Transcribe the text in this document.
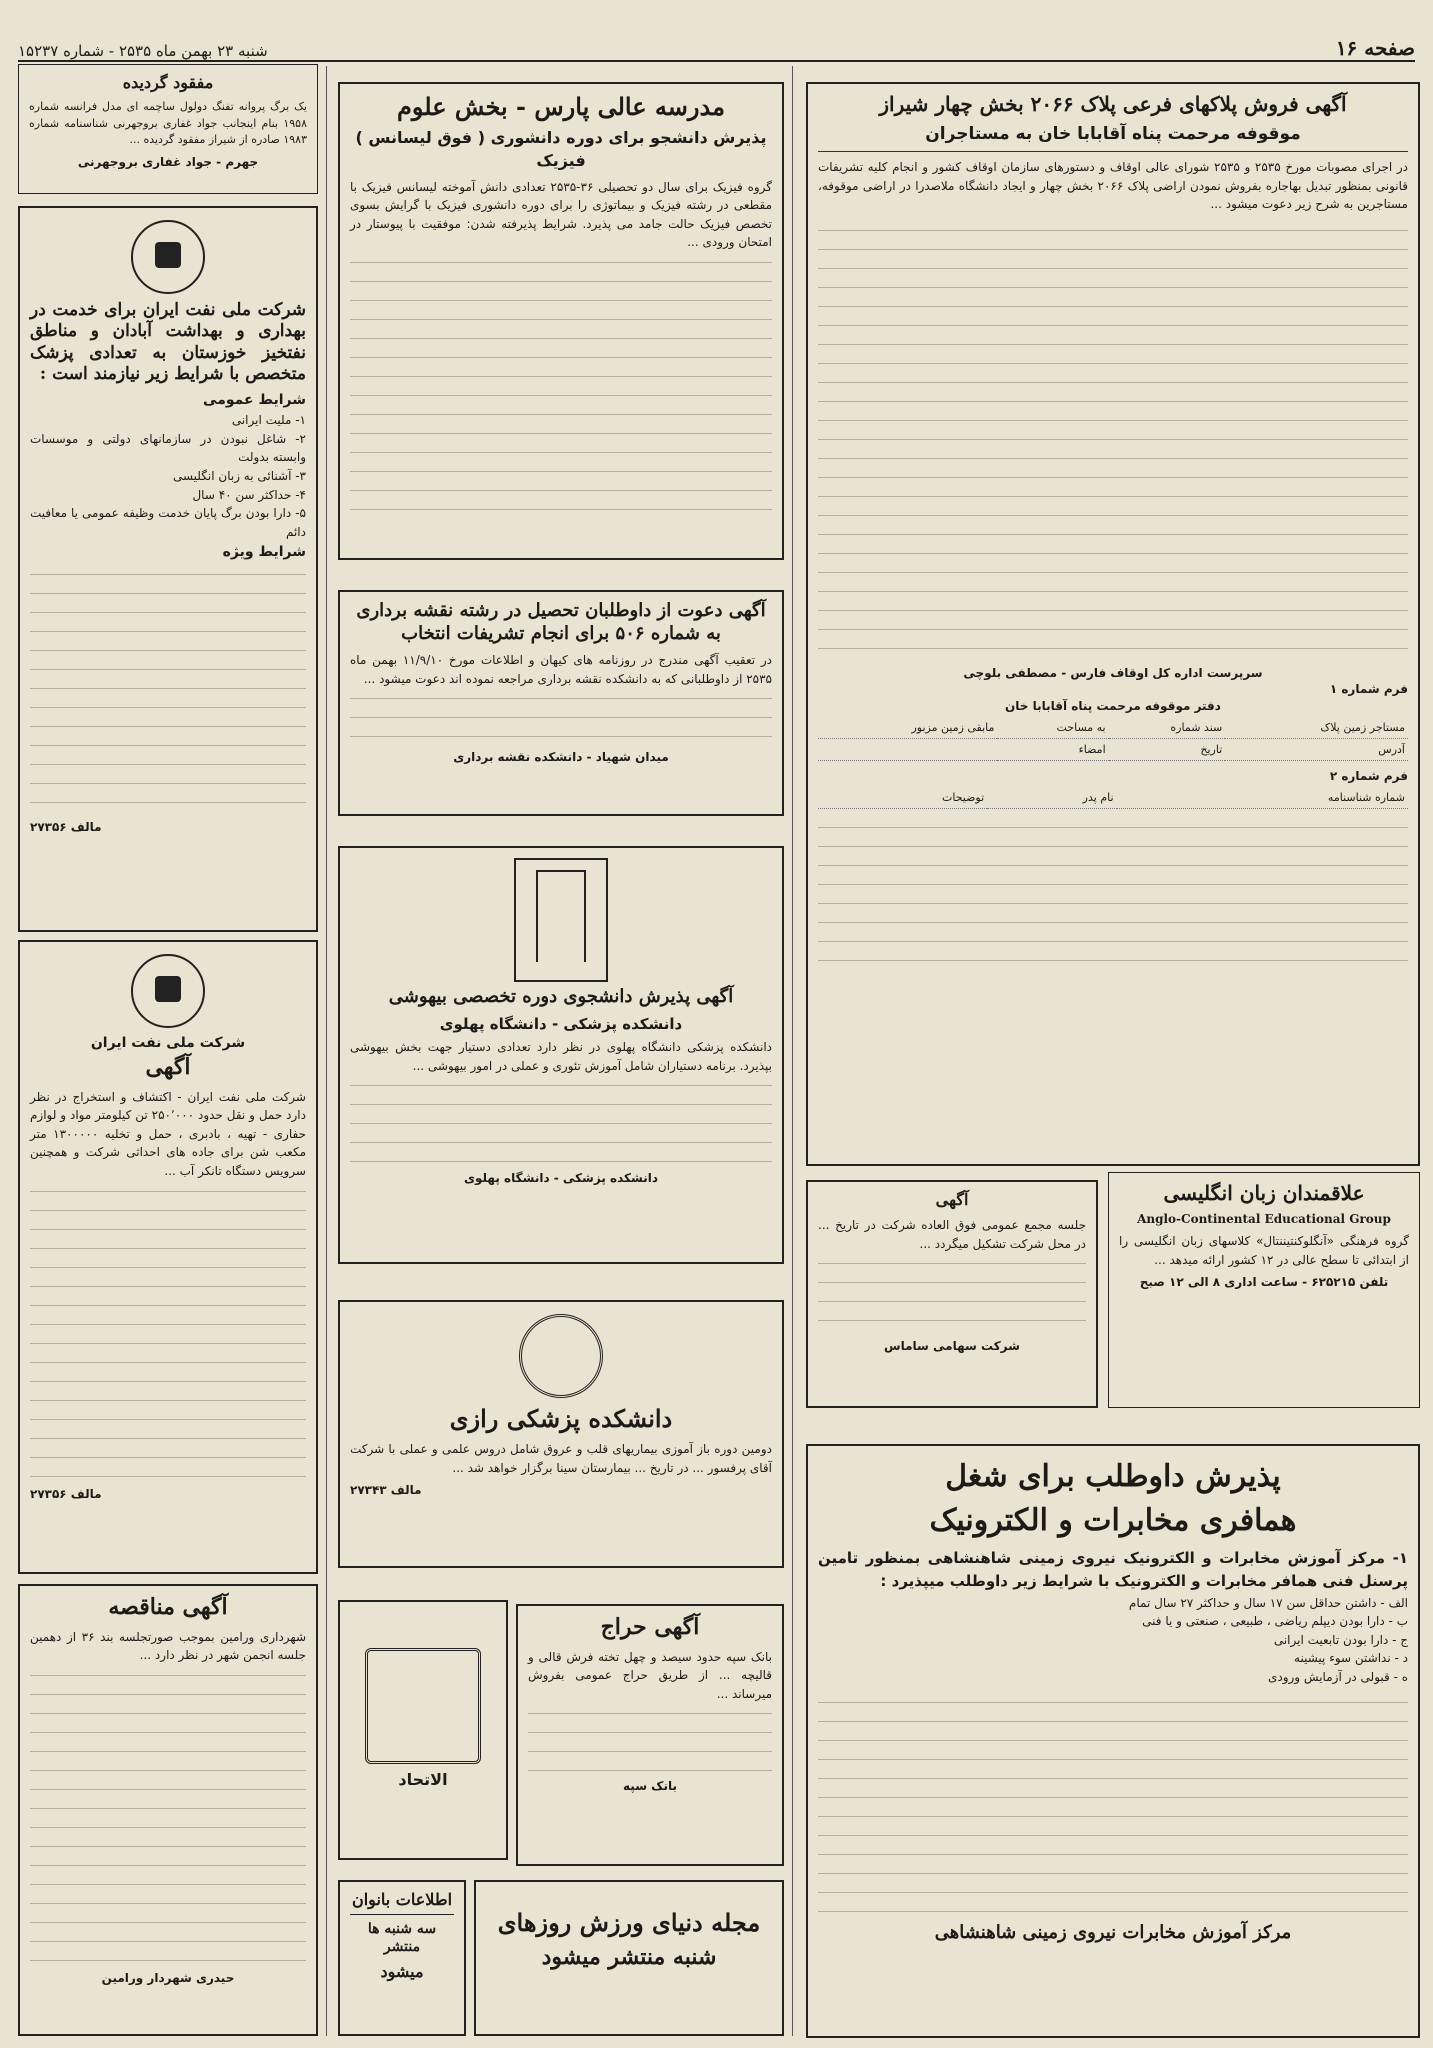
صفحه ۱۶
شنبه ۲۳ بهمن ماه ۲۵۳۵ - شماره ۱۵۲۳۷
آگهی فروش پلاکهای فرعی پلاک ۲۰۶۶ بخش چهار شیراز
موقوفه مرحمت پناه آقابابا خان به مستاجران
در اجرای مصوبات مورخ ۲۵۳۵ و ۲۵۳۵ شورای عالی اوقاف و دستورهای سازمان اوقاف کشور و انجام کلیه تشریفات قانونی بمنظور تبدیل بهاجاره بفروش نمودن اراضی پلاک ۲۰۶۶ بخش چهار و ایجاد دانشگاه ملاصدرا در اراضی موقوفه، مستاجرین به شرح زیر دعوت میشود ...
سرپرست اداره کل اوقاف فارس - مصطفی بلوچی
فرم شماره ۱
دفتر موقوفه مرحمت پناه آقابابا خان
مستاجر زمین پلاک	سند شماره	به مساحت	مابقی زمین مزبور
آدرس	تاریخ	امضاء	
فرم شماره ۲
شماره شناسنامه	نام پدر	توضیحات
علاقمندان زبان انگلیسی
Anglo-Continental Educational Group
گروه فرهنگی «آنگلوکنتیننتال» کلاسهای زبان انگلیسی را از ابتدائی تا سطح عالی در ۱۲ کشور ارائه میدهد ...
تلفن ۶۲۵۲۱۵ - ساعت اداری ۸ الی ۱۲ صبح
آگهی
جلسه مجمع عمومی فوق العاده شرکت در تاریخ ... در محل شرکت تشکیل میگردد ...
شرکت سهامی ساماس
پذیرش داوطلب برای شغل
همافری مخابرات و الکترونیک
۱- مرکز آموزش مخابرات و الکترونیک نیروی زمینی شاهنشاهی بمنظور تامین پرسنل فنی همافر مخابرات و الکترونیک با شرایط زیر داوطلب میپذیرد :
الف - داشتن حداقل سن ۱۷ سال و حداکثر ۲۷ سال تمام
ب - دارا بودن دیپلم ریاضی ، طبیعی ، صنعتی و یا فنی
ج - دارا بودن تابعیت ایرانی
د - نداشتن سوء پیشینه
ه - قبولی در آزمایش ورودی
مرکز آموزش مخابرات نیروی زمینی شاهنشاهی
مدرسه عالی پارس - بخش علوم
پذیرش دانشجو برای دوره دانشوری ( فوق لیسانس )
فیزیک
گروه فیزیک برای سال دو تحصیلی ۳۶-۲۵۳۵ تعدادی دانش آموخته لیسانس فیزیک با مقطعی در رشته فیزیک و بیماتوژی را برای دوره دانشوری فیزیک با گرایش بسوی تخصص فیزیک حالت جامد می پذیرد. شرایط پذیرفته شدن: موفقیت با پیوستار در امتحان ورودی ...
آگهی دعوت از داوطلبان تحصیل در رشته نقشه برداری به شماره ۵۰۶ برای انجام تشریفات انتخاب
در تعقیب آگهی مندرج در روزنامه های کیهان و اطلاعات مورخ ۱۱/۹/۱۰ بهمن ماه ۲۵۳۵ از داوطلبانی که به دانشکده نقشه برداری مراجعه نموده اند دعوت میشود ...
میدان شهیاد - دانشکده نقشه برداری
آگهی پذیرش دانشجوی دوره تخصصی بیهوشی
دانشکده پزشکی - دانشگاه پهلوی
دانشکده پزشکی دانشگاه پهلوی در نظر دارد تعدادی دستیار جهت بخش بیهوشی بپذیرد. برنامه دستیاران شامل آموزش تئوری و عملی در امور بیهوشی ...
دانشکده پزشکی - دانشگاه پهلوی
دانشکده پزشکی رازی
دومین دوره باز آموزی بیماریهای قلب و عروق شامل دروس علمی و عملی با شرکت آقای پرفسور ... در تاریخ ... بیمارستان سینا برگزار خواهد شد ...
مالف ۲۷۳۴۳
الاتحاد
آگهی حراج
بانک سپه حدود سیصد و چهل تخته فرش قالی و قالیچه ... از طریق حراج عمومی بفروش میرساند ...
بانک سپه
اطلاعات بانوان
سه شنبه ها منتشر
میشود
مجله دنیای ورزش روزهای
شنبه منتشر میشود
مفقود گردیده
یک برگ پروانه تفنگ دولول ساچمه ای مدل فرانسه شماره ۱۹۵۸ بنام اینجانب جواد غفاری بروجهرنی شناسنامه شماره ۱۹۸۳ صادره از شیراز مفقود گردیده ...
جهرم - جواد غفاری بروجهرنی
شرکت ملی نفت ایران برای خدمت در بهداری و بهداشت آبادان و مناطق نفتخیز خوزستان به تعدادی پزشک متخصص با شرایط زیر نیازمند است :
شرایط عمومی
۱- ملیت ایرانی
۲- شاغل نبودن در سازمانهای دولتی و موسسات وابسته بدولت
۳- آشنائی به زبان انگلیسی
۴- حداکثر سن ۴۰ سال
۵- دارا بودن برگ پایان خدمت وظیفه عمومی یا معافیت دائم
شرایط ویژه
مالف ۲۷۳۵۶
شرکت ملی نفت ایران
آگهی
شرکت ملی نفت ایران - اکتشاف و استخراج در نظر دارد حمل و نقل حدود ۲۵۰٬۰۰۰ تن کیلومتر مواد و لوازم حفاری - تهیه ، بادبری ، حمل و تخلیه ۱۳۰۰۰۰۰ متر مکعب شن برای جاده های احداثی شرکت و همچنین سرویس دستگاه تانکر آب ...
مالف ۲۷۳۵۶
آگهی مناقصه
شهرداری ورامین بموجب صورتجلسه بند ۳۶ از دهمین جلسه انجمن شهر در نظر دارد ...
حیدری شهردار ورامین
